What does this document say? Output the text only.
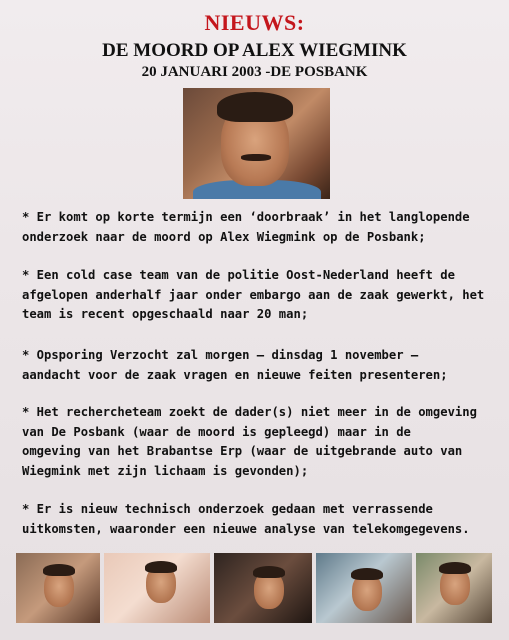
NIEUWS:
DE MOORD OP ALEX WIEGMINK
20 JANUARI 2003 -DE POSBANK
* Er komt op korte termijn een ‘doorbraak’ in het langlopende
onderzoek naar de moord op Alex Wiegmink op de Posbank;
* Een cold case team van de politie Oost-Nederland heeft de
afgelopen anderhalf jaar onder embargo aan de zaak gewerkt, het
team is recent opgeschaald naar 20 man;
* Opsporing Verzocht zal morgen – dinsdag 1 november –
aandacht voor de zaak vragen en nieuwe feiten presenteren;
* Het rechercheteam zoekt de dader(s) niet meer in de omgeving
van De Posbank (waar de moord is gepleegd) maar in de
omgeving van het Brabantse Erp (waar de uitgebrande auto van
Wiegmink met zijn lichaam is gevonden);
* Er is nieuw technisch onderzoek gedaan met verrassende
uitkomsten, waaronder een nieuwe analyse van telekomgegevens.
